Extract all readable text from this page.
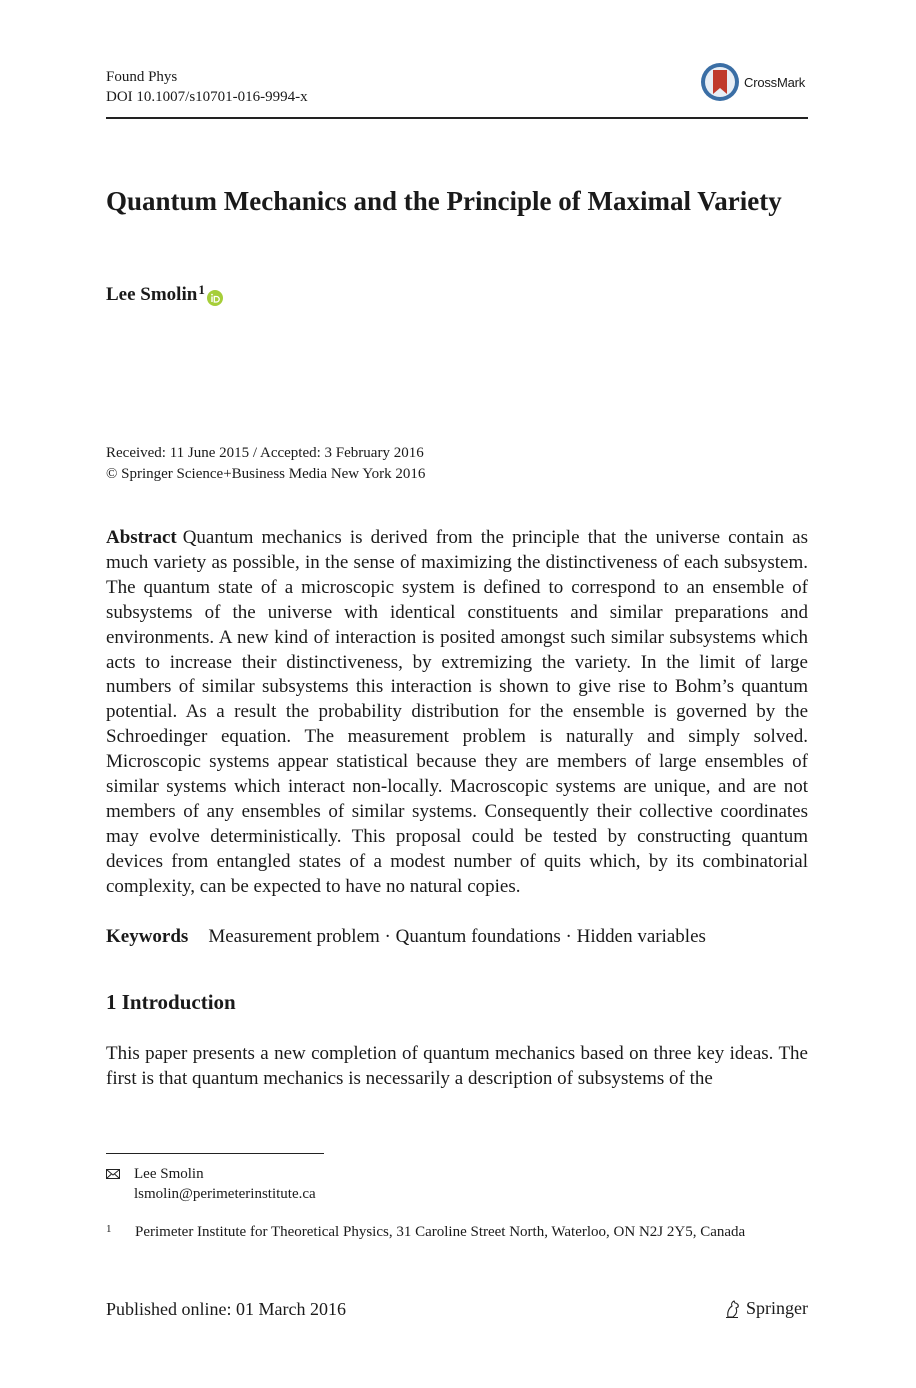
Found Phys
DOI 10.1007/s10701-016-9994-x
CrossMark
Quantum Mechanics and the Principle of Maximal Variety
Lee Smolin$^1$
Received: 11 June 2015 / Accepted: 3 February 2016
© Springer Science+Business Media New York 2016
Abstract Quantum mechanics is derived from the principle that the universe contain as much variety as possible, in the sense of maximizing the distinctiveness of each subsystem. The quantum state of a microscopic system is defined to correspond to an ensemble of subsystems of the universe with identical constituents and similar preparations and environments. A new kind of interaction is posited amongst such similar subsystems which acts to increase their distinctiveness, by extremizing the variety. In the limit of large numbers of similar subsystems this interaction is shown to give rise to Bohm’s quantum potential. As a result the probability distribution for the ensemble is governed by the Schroedinger equation. The measurement problem is naturally and simply solved. Microscopic systems appear statistical because they are members of large ensembles of similar systems which interact non-locally. Macroscopic systems are unique, and are not members of any ensembles of similar systems. Consequently their collective coordinates may evolve deterministically. This proposal could be tested by constructing quantum devices from entangled states of a modest number of quits which, by its combinatorial complexity, can be expected to have no natural copies.
Keywords Measurement problem · Quantum foundations · Hidden variables
1 Introduction
This paper presents a new completion of quantum mechanics based on three key ideas. The first is that quantum mechanics is necessarily a description of subsystems of the
Lee Smolin
lsmolin@perimeterinstitute.ca
1	Perimeter Institute for Theoretical Physics, 31 Caroline Street North, Waterloo, ON N2J 2Y5, Canada
Published online: 01 March 2016	Springer
